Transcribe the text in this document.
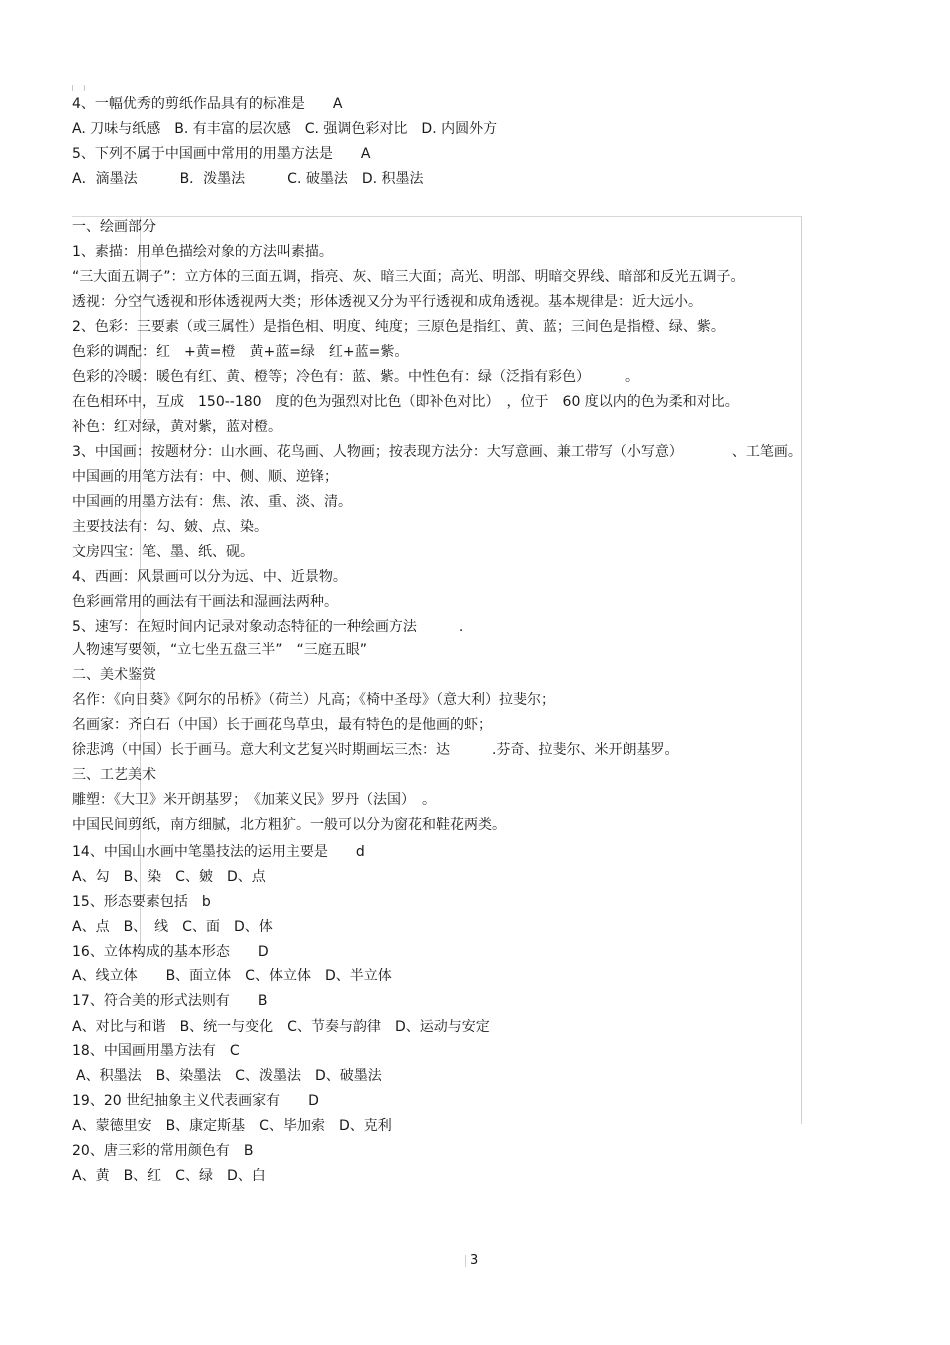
4、一幅优秀的剪纸作品具有的标准是　　A
A. 刀味与纸感　B. 有丰富的层次感　C. 强调色彩对比　D. 内圆外方
5、下列不属于中国画中常用的用墨方法是　　A
A．滴墨法　　　B．泼墨法　　　C. 破墨法　D. 积墨法
一、绘画部分
1、素描：用单色描绘对象的方法叫素描。
“三大面五调子”：立方体的三面五调，指亮、灰、暗三大面；高光、明部、明暗交界线、暗部和反光五调子。
透视：分空气透视和形体透视两大类；形体透视又分为平行透视和成角透视。基本规律是：近大远小。
2、色彩：三要素（或三属性）是指色相、明度、纯度；三原色是指红、黄、蓝；三间色是指橙、绿、紫。
色彩的调配：红　+黄=橙　黄+蓝=绿　红+蓝=紫。
色彩的冷暖：暖色有红、黄、橙等；冷色有：蓝、紫。中性色有：绿（泛指有彩色）　　　。
在色相环中，互成　150--180　度的色为强烈对比色（即补色对比）　，位于　60 度以内的色为柔和对比。
补色：红对绿，黄对紫，蓝对橙。
3、中国画：按题材分：山水画、花鸟画、人物画；按表现方法分：大写意画、兼工带写（小写意）　　　　、工笔画。
中国画的用笔方法有：中、侧、顺、逆锋；
中国画的用墨方法有：焦、浓、重、淡、清。
主要技法有：勾、皴、点、染。
文房四宝：笔、墨、纸、砚。
4、西画：风景画可以分为远、中、近景物。
色彩画常用的画法有干画法和湿画法两种。
5、速写：在短时间内记录对象动态特征的一种绘画方法　　　.
人物速写要领，“立七坐五盘三半”　“三庭五眼”
二、美术鉴赏
名作：《向日葵》《阿尔的吊桥》（荷兰）凡高；《椅中圣母》（意大利）拉斐尔；
名画家：齐白石（中国）长于画花鸟草虫，最有特色的是他画的虾；
徐悲鸿（中国）长于画马。意大利文艺复兴时期画坛三杰：达　　　.芬奇、拉斐尔、米开朗基罗。
三、工艺美术
雕塑：《大卫》米开朗基罗；　《加莱义民》罗丹（法国）　。
中国民间剪纸，南方细腻，北方粗犷。一般可以分为窗花和鞋花两类。
14、中国山水画中笔墨技法的运用主要是　　d
A、勾　B、染　C、皴　D、点
15、形态要素包括　b
A、点　B、　线　C、面　D、体
16、立体构成的基本形态　　D
A、线立体　　B、面立体　C、体立体　D、半立体
17、符合美的形式法则有　　B
A、对比与和谐　B、统一与变化　C、节奏与韵律　D、运动与安定
18、中国画用墨方法有　C
A、积墨法　B、染墨法　C、泼墨法　D、破墨法
19、20 世纪抽象主义代表画家有　　D
A、蒙德里安　B、康定斯基　C、毕加索　D、克利
20、唐三彩的常用颜色有　B
A、黄　B、红　C、绿　D、白
3
